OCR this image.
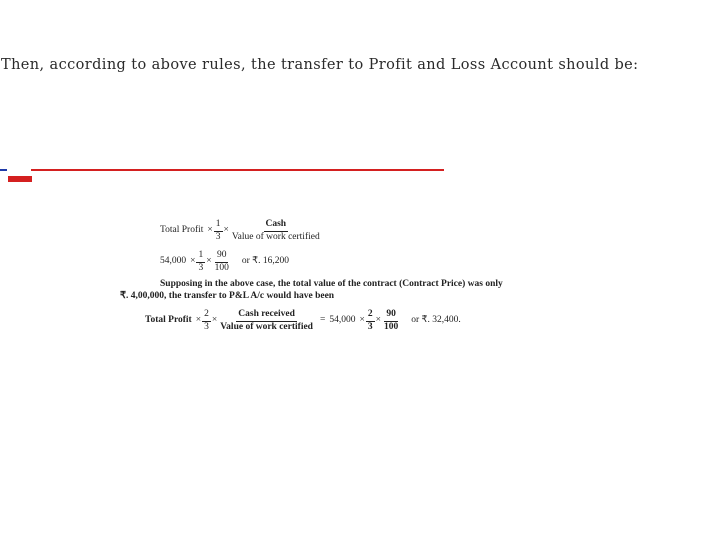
Then, according to above rules, the transfer to Profit and Loss Account should be:
Total Profit × $\frac{1}{3} \times \frac{\text{Cash}}{\text{Value of work certified}}$
$54,000 \times \frac{1}{3} \times \frac{90}{100}$ or ₹. 16,200
Supposing in the above case, the total value of the contract (Contract Price) was only
₹. 4,00,000, the transfer to P&L A/c would have been
Total Profit × $\frac{2}{3} \times \frac{\text{Cash received}}{\text{Value of work certified}} = 54,000 \times \frac{2}{3} \times \frac{90}{100}$ or ₹. 32,400.
